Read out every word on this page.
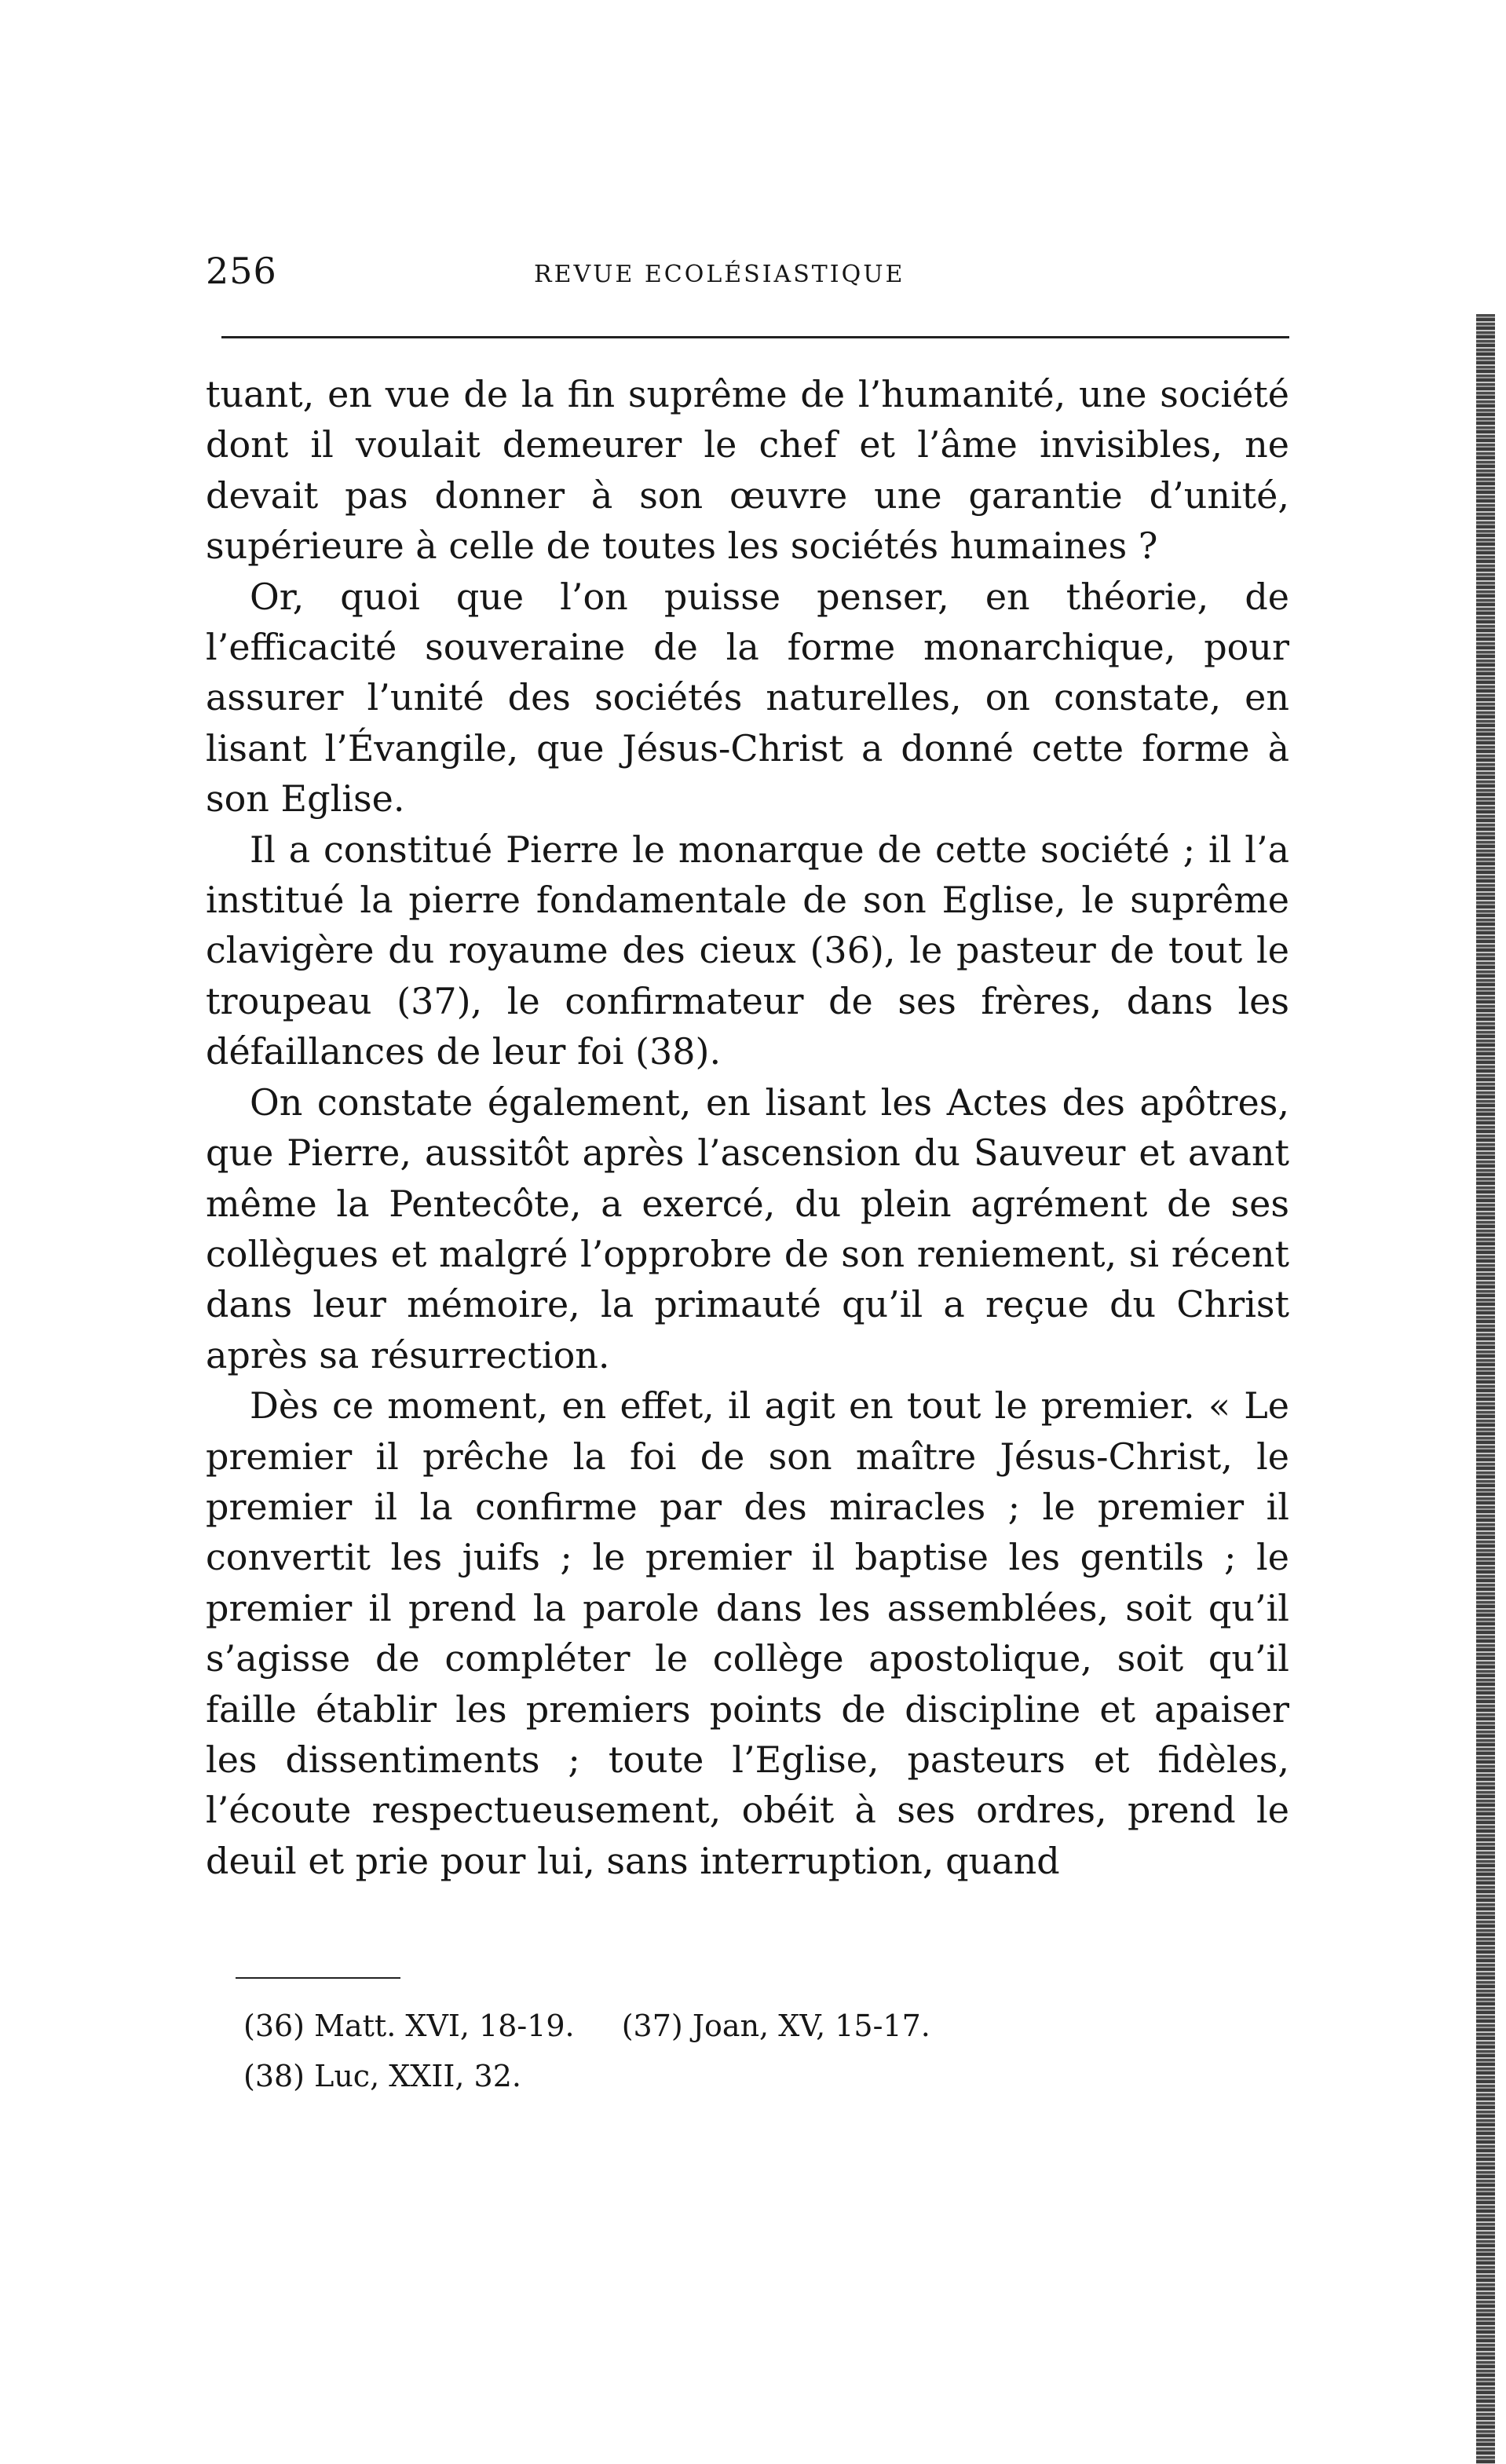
256	REVUE ECOLÉSIASTIQUE

tuant, en vue de la fin suprême de l’humanité, une société dont il voulait demeurer le chef et l’âme invisibles, ne devait pas donner à son œuvre une garantie d’unité, supérieure à celle de toutes les sociétés humaines ?

Or, quoi que l’on puisse penser, en théorie, de l’efficacité souveraine de la forme monarchique, pour assurer l’unité des sociétés naturelles, on constate, en lisant l’Évangile, que Jésus-Christ a donné cette forme à son Eglise.

Il a constitué Pierre le monarque de cette société ; il l’a institué la pierre fondamentale de son Eglise, le suprême clavigère du royaume des cieux (36), le pasteur de tout le troupeau (37), le confirmateur de ses frères, dans les défaillances de leur foi (38).

On constate également, en lisant les Actes des apôtres, que Pierre, aussitôt après l’ascension du Sauveur et avant même la Pentecôte, a exercé, du plein agrément de ses collègues et malgré l’opprobre de son reniement, si récent dans leur mémoire, la primauté qu’il a reçue du Christ après sa résurrection.

Dès ce moment, en effet, il agit en tout le premier. « Le premier il prêche la foi de son maître Jésus-Christ, le premier il la confirme par des miracles ; le premier il convertit les juifs ; le premier il baptise les gentils ; le premier il prend la parole dans les assemblées, soit qu’il s’agisse de compléter le collège apostolique, soit qu’il faille établir les premiers points de discipline et apaiser les dissentiments ; toute l’Eglise, pasteurs et fidèles, l’écoute respectueusement, obéit à ses ordres, prend le deuil et prie pour lui, sans interruption, quand

(36) Matt. XVI, 18-19. (37) Joan, XV, 15-17.

(38) Luc, XXII, 32.
